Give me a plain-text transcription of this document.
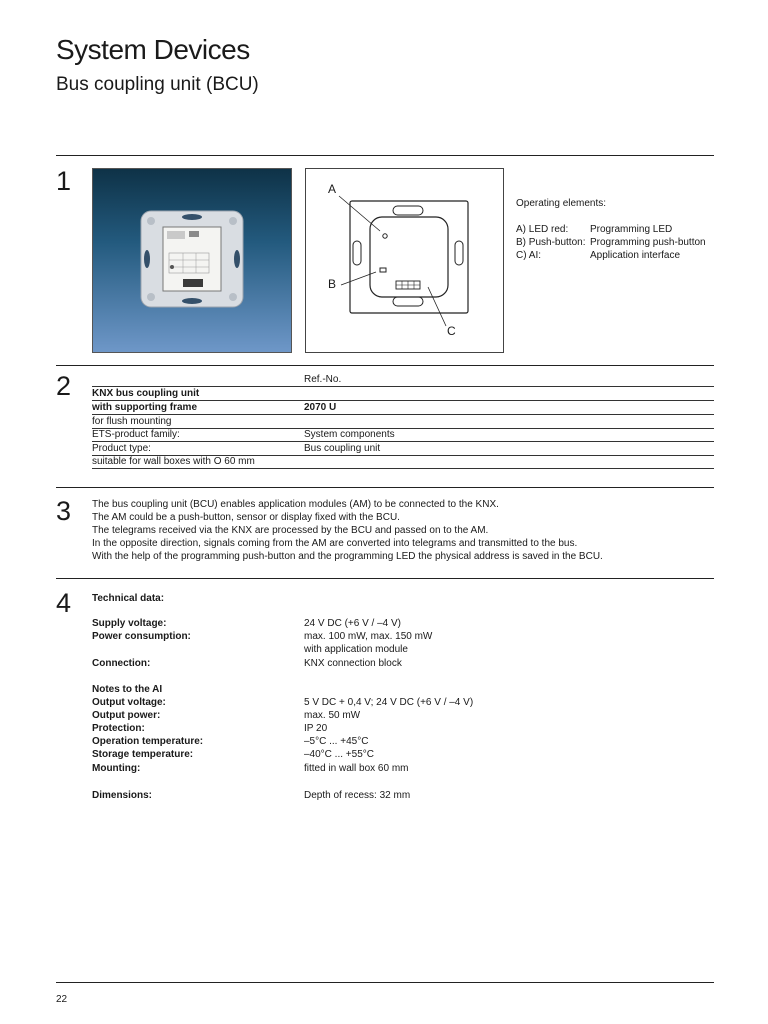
System Devices
Bus coupling unit (BCU)
1	A
B
C
Operating elements:
A) LED red: Programming LED
B) Push-button: Programming push-button
C) AI:	Application interface
2	Ref.-No.
KNX bus coupling unit
with supporting frame	2070 U
for flush mounting
ETS-product family:	System components
Product type:	Bus coupling unit
suitable for wall boxes with O 60 mm
3 The bus coupling unit (BCU) enables application modules (AM) to be connected to the KNX.
The AM could be a push-button, sensor or display fixed with the BCU.
The telegrams received via the KNX are processed by the BCU and passed on to the AM.
In the opposite direction, signals coming from the AM are converted into telegrams and transmitted to the bus.
With the help of the programming push-button and the programming LED the physical address is saved in the BCU.
4 Technical data:
Supply voltage:	24 V DC (+6 V / –4 V)
Power consumption:	max. 100 mW, max. 150 mW
with application module
Connection:	KNX connection block
Notes to the AI
Output voltage:	5 V DC + 0,4 V; 24 V DC (+6 V / –4 V)
Output power:	max. 50 mW
Protection:	IP 20
Operation temperature:	–5°C ... +45°C
Storage temperature:	–40°C ... +55°C
Mounting:	fitted in wall box 60 mm
Dimensions:	Depth of recess: 32 mm
22
